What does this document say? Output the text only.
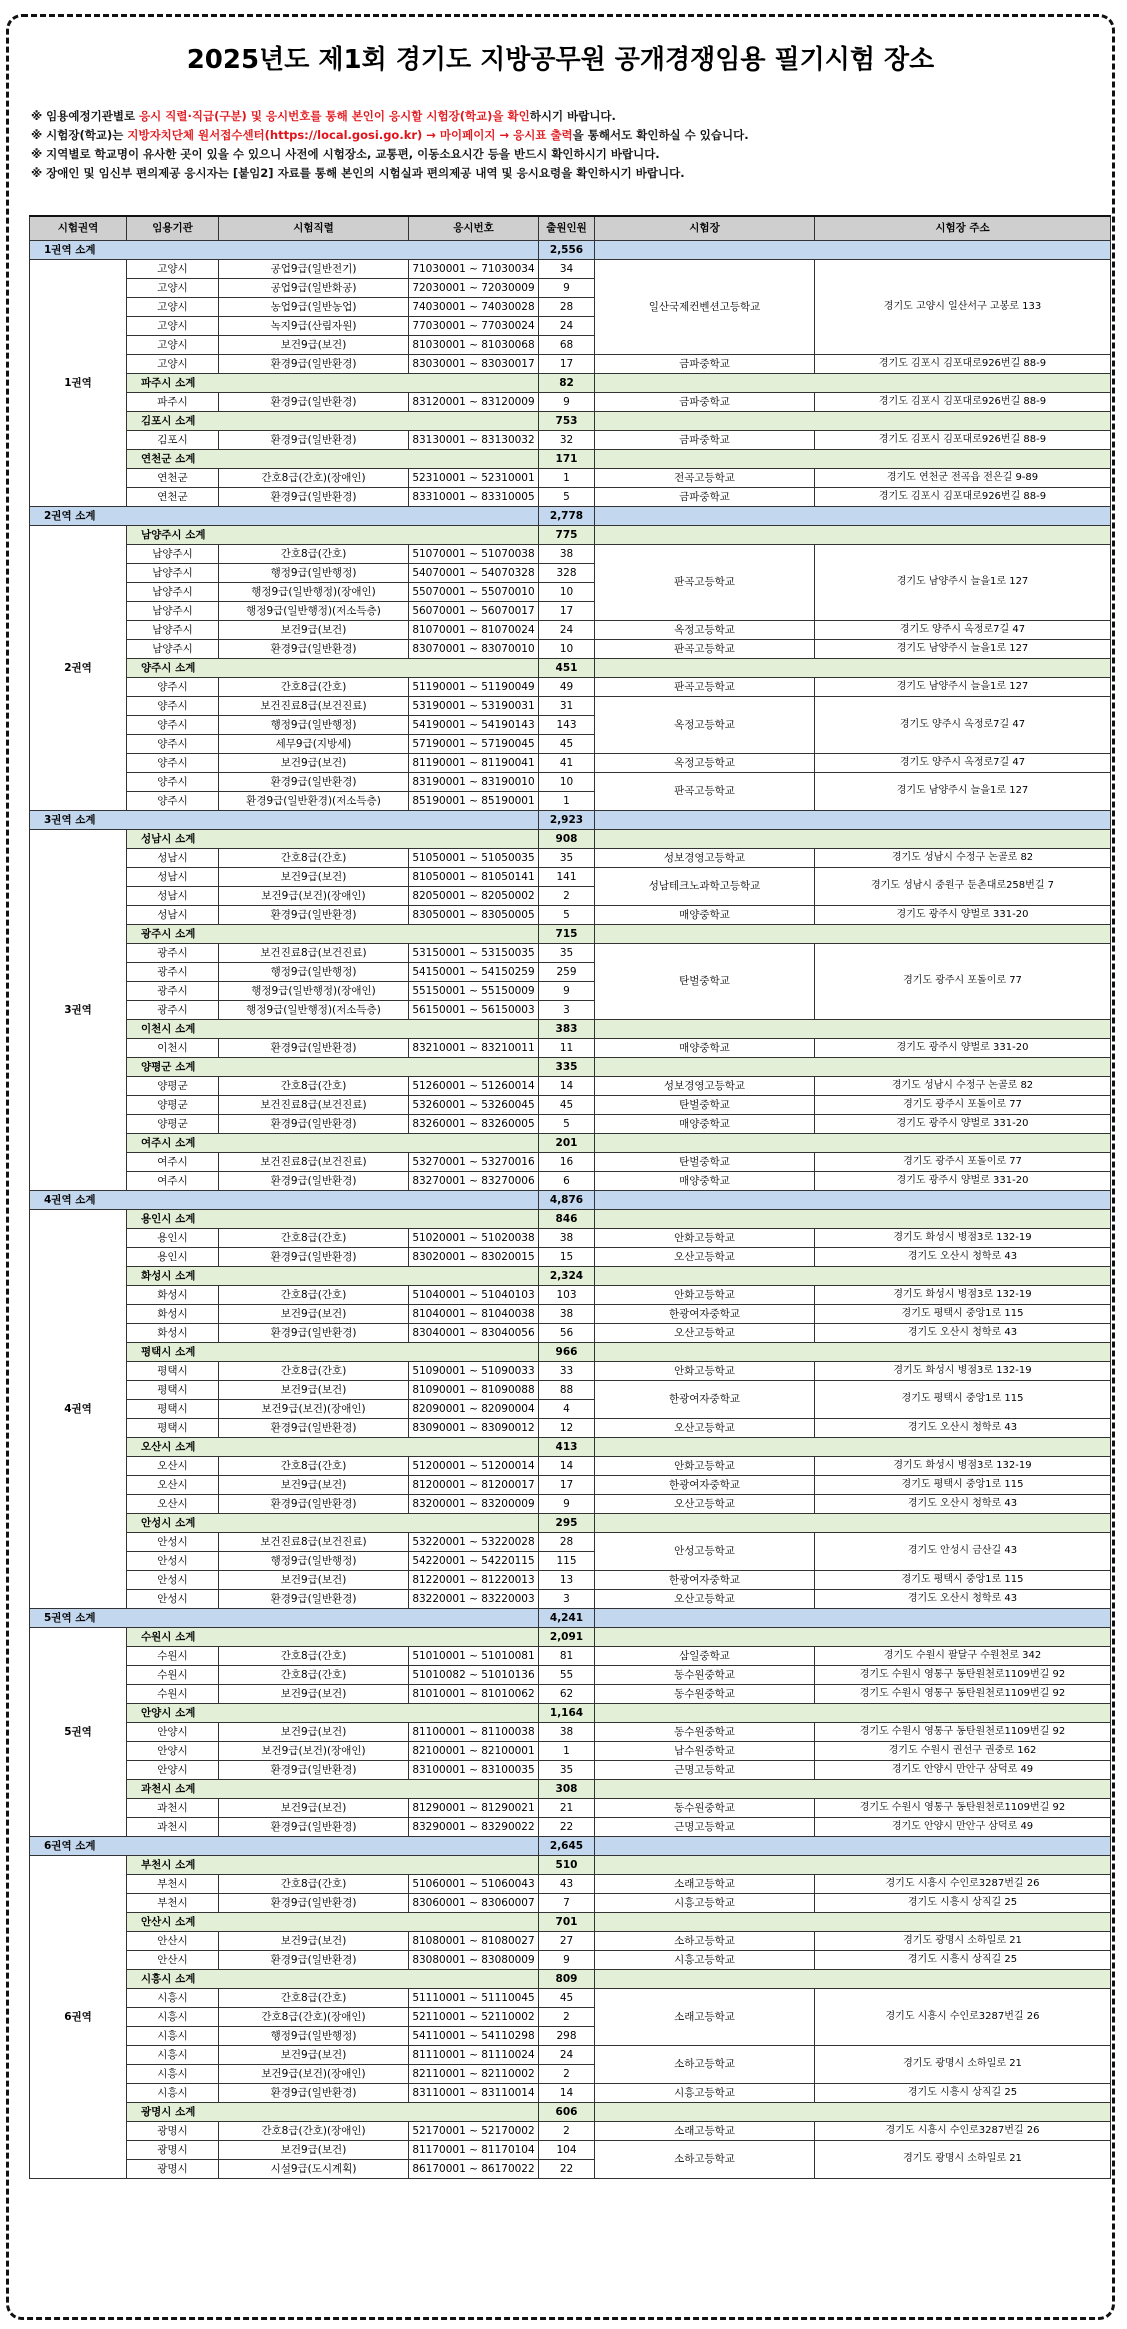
2025년도 제1회 경기도 지방공무원 공개경쟁임용 필기시험 장소
※ 임용예정기관별로 응시 직렬·직급(구분) 및 응시번호를 통해 본인이 응시할 시험장(학교)을 확인하시기 바랍니다.
※ 시험장(학교)는 지방자치단체 원서접수센터(https://local.gosi.go.kr) → 마이페이지 → 응시표 출력을 통해서도 확인하실 수 있습니다.
※ 지역별로 학교명이 유사한 곳이 있을 수 있으니 사전에 시험장소, 교통편, 이동소요시간 등을 반드시 확인하시기 바랍니다.
※ 장애인 및 임신부 편의제공 응시자는 [붙임2] 자료를 통해 본인의 시험실과 편의제공 내역 및 응시요령을 확인하시기 바랍니다.
시험권역	임용기관	시험직렬	응시번호	출원인원	시험장	시험장 주소
1권역 소계				2,556		
1권역	고양시	공업9급(일반전기)	71030001 ~ 71030034	34	일산국제컨벤션고등학교	경기도 고양시 일산서구 고봉로 133
	고양시	공업9급(일반화공)	72030001 ~ 72030009	9		
	고양시	농업9급(일반농업)	74030001 ~ 74030028	28		
	고양시	녹지9급(산림자원)	77030001 ~ 77030024	24		
	고양시	보건9급(보건)	81030001 ~ 81030068	68		
	고양시	환경9급(일반환경)	83030001 ~ 83030017	17	금파중학교	경기도 김포시 김포대로926번길 88-9
	파주시 소계			82		
	파주시	환경9급(일반환경)	83120001 ~ 83120009	9	금파중학교	경기도 김포시 김포대로926번길 88-9
	김포시 소계			753		
	김포시	환경9급(일반환경)	83130001 ~ 83130032	32	금파중학교	경기도 김포시 김포대로926번길 88-9
	연천군 소계			171		
	연천군	간호8급(간호)(장애인)	52310001 ~ 52310001	1	전곡고등학교	경기도 연천군 전곡읍 전은길 9-89
	연천군	환경9급(일반환경)	83310001 ~ 83310005	5	금파중학교	경기도 김포시 김포대로926번길 88-9
2권역 소계				2,778		
2권역	남양주시 소계			775		
	남양주시	간호8급(간호)	51070001 ~ 51070038	38	판곡고등학교	경기도 남양주시 늘을1로 127
	남양주시	행정9급(일반행정)	54070001 ~ 54070328	328		
	남양주시	행정9급(일반행정)(장애인)	55070001 ~ 55070010	10		
	남양주시	행정9급(일반행정)(저소득층)	56070001 ~ 56070017	17		
	남양주시	보건9급(보건)	81070001 ~ 81070024	24	옥정고등학교	경기도 양주시 옥정로7길 47
	남양주시	환경9급(일반환경)	83070001 ~ 83070010	10	판곡고등학교	경기도 남양주시 늘을1로 127
	양주시 소계			451		
	양주시	간호8급(간호)	51190001 ~ 51190049	49	판곡고등학교	경기도 남양주시 늘을1로 127
	양주시	보건진료8급(보건진료)	53190001 ~ 53190031	31	옥정고등학교	경기도 양주시 옥정로7길 47
	양주시	행정9급(일반행정)	54190001 ~ 54190143	143		
	양주시	세무9급(지방세)	57190001 ~ 57190045	45		
	양주시	보건9급(보건)	81190001 ~ 81190041	41	옥정고등학교	경기도 양주시 옥정로7길 47
	양주시	환경9급(일반환경)	83190001 ~ 83190010	10	판곡고등학교	경기도 남양주시 늘을1로 127
	양주시	환경9급(일반환경)(저소득층)	85190001 ~ 85190001	1		
3권역 소계				2,923		
3권역	성남시 소계			908		
	성남시	간호8급(간호)	51050001 ~ 51050035	35	성보경영고등학교	경기도 성남시 수정구 논골로 82
	성남시	보건9급(보건)	81050001 ~ 81050141	141	성남테크노과학고등학교	경기도 성남시 중원구 둔촌대로258번길 7
	성남시	보건9급(보건)(장애인)	82050001 ~ 82050002	2		
	성남시	환경9급(일반환경)	83050001 ~ 83050005	5	매양중학교	경기도 광주시 양벌로 331-20
	광주시 소계			715		
	광주시	보건진료8급(보건진료)	53150001 ~ 53150035	35	탄벌중학교	경기도 광주시 포돌이로 77
	광주시	행정9급(일반행정)	54150001 ~ 54150259	259		
	광주시	행정9급(일반행정)(장애인)	55150001 ~ 55150009	9		
	광주시	행정9급(일반행정)(저소득층)	56150001 ~ 56150003	3		
	이천시 소계			383		
	이천시	환경9급(일반환경)	83210001 ~ 83210011	11	매양중학교	경기도 광주시 양벌로 331-20
	양평군 소계			335		
	양평군	간호8급(간호)	51260001 ~ 51260014	14	성보경영고등학교	경기도 성남시 수정구 논골로 82
	양평군	보건진료8급(보건진료)	53260001 ~ 53260045	45	탄벌중학교	경기도 광주시 포돌이로 77
	양평군	환경9급(일반환경)	83260001 ~ 83260005	5	매양중학교	경기도 광주시 양벌로 331-20
	여주시 소계			201		
	여주시	보건진료8급(보건진료)	53270001 ~ 53270016	16	탄벌중학교	경기도 광주시 포돌이로 77
	여주시	환경9급(일반환경)	83270001 ~ 83270006	6	매양중학교	경기도 광주시 양벌로 331-20
4권역 소계				4,876		
4권역	용인시 소계			846		
	용인시	간호8급(간호)	51020001 ~ 51020038	38	안화고등학교	경기도 화성시 병점3로 132-19
	용인시	환경9급(일반환경)	83020001 ~ 83020015	15	오산고등학교	경기도 오산시 청학로 43
	화성시 소계			2,324		
	화성시	간호8급(간호)	51040001 ~ 51040103	103	안화고등학교	경기도 화성시 병점3로 132-19
	화성시	보건9급(보건)	81040001 ~ 81040038	38	한광여자중학교	경기도 평택시 중앙1로 115
	화성시	환경9급(일반환경)	83040001 ~ 83040056	56	오산고등학교	경기도 오산시 청학로 43
	평택시 소계			966		
	평택시	간호8급(간호)	51090001 ~ 51090033	33	안화고등학교	경기도 화성시 병점3로 132-19
	평택시	보건9급(보건)	81090001 ~ 81090088	88	한광여자중학교	경기도 평택시 중앙1로 115
	평택시	보건9급(보건)(장애인)	82090001 ~ 82090004	4		
	평택시	환경9급(일반환경)	83090001 ~ 83090012	12	오산고등학교	경기도 오산시 청학로 43
	오산시 소계			413		
	오산시	간호8급(간호)	51200001 ~ 51200014	14	안화고등학교	경기도 화성시 병점3로 132-19
	오산시	보건9급(보건)	81200001 ~ 81200017	17	한광여자중학교	경기도 평택시 중앙1로 115
	오산시	환경9급(일반환경)	83200001 ~ 83200009	9	오산고등학교	경기도 오산시 청학로 43
	안성시 소계			295		
	안성시	보건진료8급(보건진료)	53220001 ~ 53220028	28	안성고등학교	경기도 안성시 금산길 43
	안성시	행정9급(일반행정)	54220001 ~ 54220115	115		
	안성시	보건9급(보건)	81220001 ~ 81220013	13	한광여자중학교	경기도 평택시 중앙1로 115
	안성시	환경9급(일반환경)	83220001 ~ 83220003	3	오산고등학교	경기도 오산시 청학로 43
5권역 소계				4,241		
5권역	수원시 소계			2,091		
	수원시	간호8급(간호)	51010001 ~ 51010081	81	삼일중학교	경기도 수원시 팔달구 수원천로 342
	수원시	간호8급(간호)	51010082 ~ 51010136	55	동수원중학교	경기도 수원시 영통구 동탄원천로1109번길 92
	수원시	보건9급(보건)	81010001 ~ 81010062	62	동수원중학교	경기도 수원시 영통구 동탄원천로1109번길 92
	안양시 소계			1,164		
	안양시	보건9급(보건)	81100001 ~ 81100038	38	동수원중학교	경기도 수원시 영통구 동탄원천로1109번길 92
	안양시	보건9급(보건)(장애인)	82100001 ~ 82100001	1	남수원중학교	경기도 수원시 권선구 권중로 162
	안양시	환경9급(일반환경)	83100001 ~ 83100035	35	근명고등학교	경기도 안양시 만안구 삼덕로 49
	과천시 소계			308		
	과천시	보건9급(보건)	81290001 ~ 81290021	21	동수원중학교	경기도 수원시 영통구 동탄원천로1109번길 92
	과천시	환경9급(일반환경)	83290001 ~ 83290022	22	근명고등학교	경기도 안양시 만안구 삼덕로 49
6권역 소계				2,645		
6권역	부천시 소계			510		
	부천시	간호8급(간호)	51060001 ~ 51060043	43	소래고등학교	경기도 시흥시 수인로3287번길 26
	부천시	환경9급(일반환경)	83060001 ~ 83060007	7	시흥고등학교	경기도 시흥시 상직길 25
	안산시 소계			701		
	안산시	보건9급(보건)	81080001 ~ 81080027	27	소하고등학교	경기도 광명시 소하일로 21
	안산시	환경9급(일반환경)	83080001 ~ 83080009	9	시흥고등학교	경기도 시흥시 상직길 25
	시흥시 소계			809		
	시흥시	간호8급(간호)	51110001 ~ 51110045	45	소래고등학교	경기도 시흥시 수인로3287번길 26
	시흥시	간호8급(간호)(장애인)	52110001 ~ 52110002	2		
	시흥시	행정9급(일반행정)	54110001 ~ 54110298	298		
	시흥시	보건9급(보건)	81110001 ~ 81110024	24	소하고등학교	경기도 광명시 소하일로 21
	시흥시	보건9급(보건)(장애인)	82110001 ~ 82110002	2		
	시흥시	환경9급(일반환경)	83110001 ~ 83110014	14	시흥고등학교	경기도 시흥시 상직길 25
	광명시 소계			606		
	광명시	간호8급(간호)(장애인)	52170001 ~ 52170002	2	소래고등학교	경기도 시흥시 수인로3287번길 26
	광명시	보건9급(보건)	81170001 ~ 81170104	104	소하고등학교	경기도 광명시 소하일로 21
	광명시	시설9급(도시계획)	86170001 ~ 86170022	22		
